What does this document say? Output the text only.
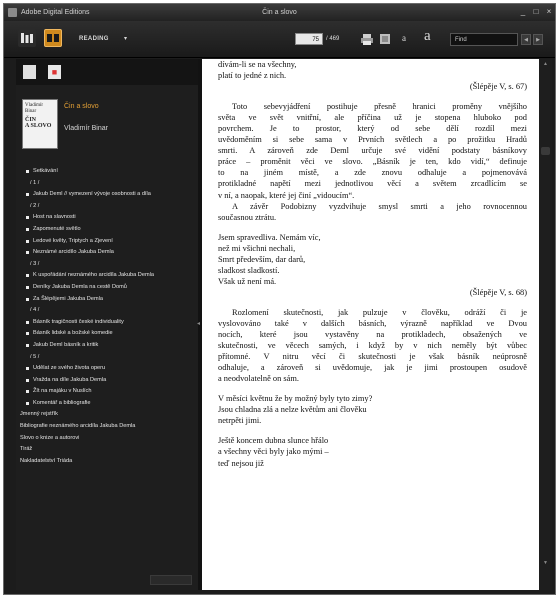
Adobe Digital Editions	Čin a slovo	_	□	×
READING	▾	75	/ 469	a a	Find	◀	▶
■
Vladimír
Binar
ČIN
A SLOVO
Čin a slovo
Vladimír Binar
Setkávání
/ 1 /
Jakub Deml // vymezení vývoje osobnosti a díla
/ 2 /
Host na slavnosti
Zapomenuté světlo
Ledové květy, Triptych a Zjevení
Neznámé arcidílo Jakuba Demla
/ 3 /
K uspořádání neznámého arcidíla Jakuba Demla
Deníky Jakuba Demla na cestě Domů
Za Šlépějemi Jakuba Demla
/ 4 /
Básník tragičnosti české individuality
Básník lidské a božské komedie
Jakub Deml básník a kritik
/ 5 /
Udělat ze svého života operu
Vražda na díle Jakuba Demla
Žít na majáku v Nuslích
Komentář a bibliografie
Jmenný rejstřík
Bibliografie neznámého arcidíla Jakuba Demla
Slovo o knize a autorovi
Tiráž
Nakladatelství Triáda
◂
dívám-li se na všechny,
platí to jedné z nich.
(Šlépěje V, s. 67)
Toto sebevyjádření postihuje přesně hranici proměny vnějšího
světa ve svět vnitřní, ale příčina už je stopena hluboko pod
povrchem. Je to prostor, který od sebe dělí rozdíl mezi
uvědoměním si sebe sama v Prvních světlech a po prožitku Hradů
smrti. A zároveň zde Deml určuje své vidění podstaty básníkovy
práce – proměnit věci ve slovo. „Básník je ten, kdo vidí,“ definuje
to na jiném místě, a zde znovu odhaluje a pojmenovává
protikladné napětí mezi jednotlivou věcí a světem zrcadlícím se
v ní, a naopak, které jej činí „vidoucím“.
A závěr Podobizny vyzdvihuje smysl smrti a jeho rovnocennou
současnou ztrátu.
Jsem spravedliva. Nemám víc,
než mi všichni nechali,
Smrt především, dar darů,
sladkost sladkostí.
Však už není má.
(Šlépěje V, s. 68)
Rozlomení skutečnosti, jak pulzuje v člověku, odráží či je
vyslovováno také v dalších básních, výrazně například ve Dvou
nocích, které jsou vystavěny na protikladech, obsažených ve
skutečnosti, ve věcech samých, i když by v nich neměly být vůbec
přítomné. V nitru věcí či skutečnosti je však básník neúprosně
odhaluje, a zároveň si uvědomuje, jak je jimi prostoupen osudově
a neodvolatelně on sám.
V měsíci květnu že by možný byly tyto zimy?
Jsou chladna zlá a nelze květům ani člověku
netrpěti jimi.
Ještě koncem dubna slunce hřálo
a všechny věci byly jako mými –
teď nejsou již
▲
▼
